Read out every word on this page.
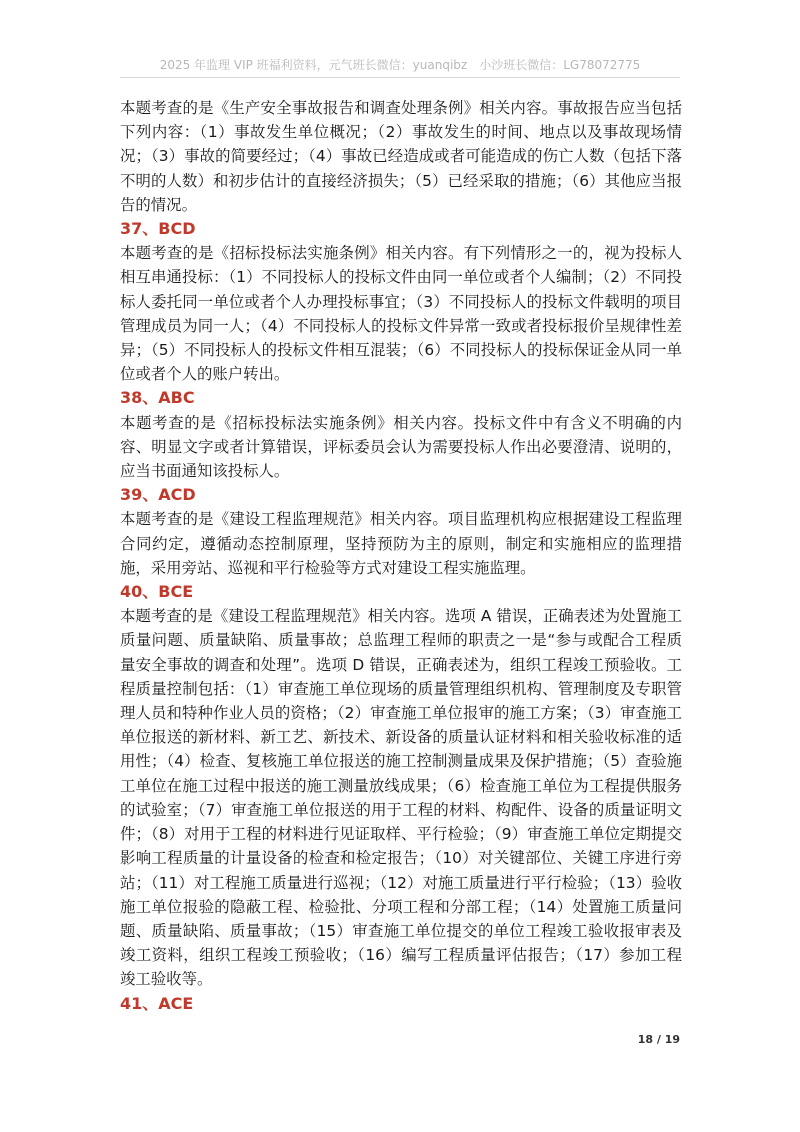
2025 年监理 VIP 班福利资料，元气班长微信：yuanqibz　小沙班长微信：LG78072775

本题考查的是《生产安全事故报告和调查处理条例》相关内容。事故报告应当包括下列内容：（1）事故发生单位概况；（2）事故发生的时间、地点以及事故现场情况；（3）事故的简要经过；（4）事故已经造成或者可能造成的伤亡人数（包括下落不明的人数）和初步估计的直接经济损失；（5）已经采取的措施；（6）其他应当报告的情况。

37、BCD

本题考查的是《招标投标法实施条例》相关内容。有下列情形之一的，视为投标人相互串通投标：（1）不同投标人的投标文件由同一单位或者个人编制；（2）不同投标人委托同一单位或者个人办理投标事宜；（3）不同投标人的投标文件载明的项目管理成员为同一人；（4）不同投标人的投标文件异常一致或者投标报价呈规律性差异；（5）不同投标人的投标文件相互混装；（6）不同投标人的投标保证金从同一单位或者个人的账户转出。

38、ABC

本题考查的是《招标投标法实施条例》相关内容。投标文件中有含义不明确的内容、明显文字或者计算错误，评标委员会认为需要投标人作出必要澄清、说明的，应当书面通知该投标人。

39、ACD

本题考查的是《建设工程监理规范》相关内容。项目监理机构应根据建设工程监理合同约定，遵循动态控制原理，坚持预防为主的原则，制定和实施相应的监理措施，采用旁站、巡视和平行检验等方式对建设工程实施监理。

40、BCE

本题考查的是《建设工程监理规范》相关内容。选项 A 错误，正确表述为处置施工质量问题、质量缺陷、质量事故；总监理工程师的职责之一是“参与或配合工程质量安全事故的调查和处理”。选项 D 错误，正确表述为，组织工程竣工预验收。工程质量控制包括：（1）审查施工单位现场的质量管理组织机构、管理制度及专职管理人员和特种作业人员的资格；（2）审查施工单位报审的施工方案；（3）审查施工单位报送的新材料、新工艺、新技术、新设备的质量认证材料和相关验收标准的适用性；（4）检查、复核施工单位报送的施工控制测量成果及保护措施；（5）查验施工单位在施工过程中报送的施工测量放线成果；（6）检查施工单位为工程提供服务的试验室；（7）审查施工单位报送的用于工程的材料、构配件、设备的质量证明文件；（8）对用于工程的材料进行见证取样、平行检验；（9）审查施工单位定期提交影响工程质量的计量设备的检查和检定报告；（10）对关键部位、关键工序进行旁站；（11）对工程施工质量进行巡视；（12）对施工质量进行平行检验；（13）验收施工单位报验的隐蔽工程、检验批、分项工程和分部工程；（14）处置施工质量问题、质量缺陷、质量事故；（15）审查施工单位提交的单位工程竣工验收报审表及竣工资料，组织工程竣工预验收；（16）编写工程质量评估报告；（17）参加工程竣工验收等。

41、ACE

18 / 19
